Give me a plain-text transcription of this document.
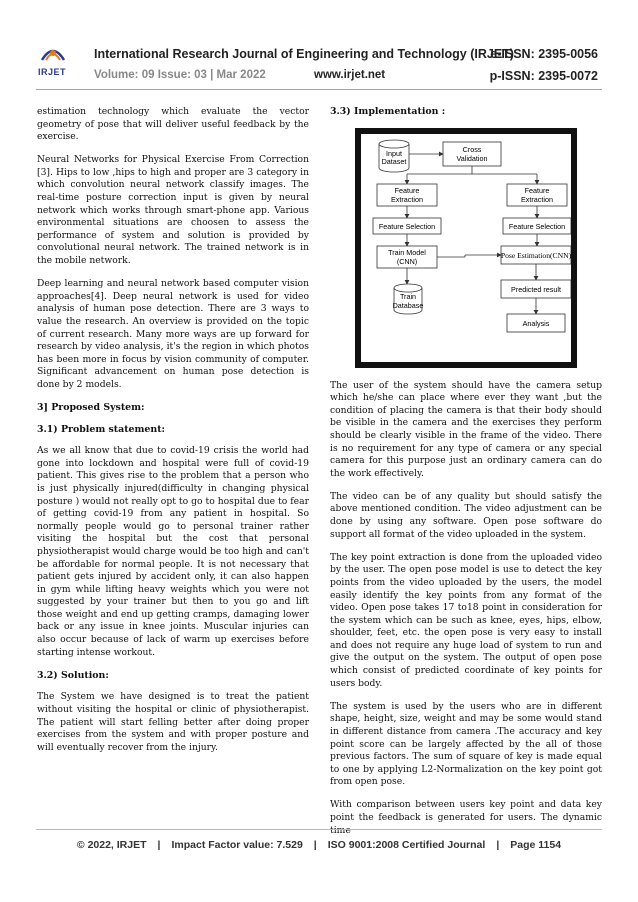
IRJET
International Research Journal of Engineering and Technology (IRJET)
e-ISSN: 2395-0056
Volume: 09 Issue: 03 | Mar 2022	www.irjet.net	p-ISSN: 2395-0072

estimation technology which evaluate the vector geometry of pose that will deliver useful feedback by the exercise.

Neural Networks for Physical Exercise From Correction [3]. Hips to low ,hips to high and proper are 3 category in which convolution neural network classify images. The real-time posture correction input is given by neural network which works through smart-phone app. Various environmental situations are choosen to assess the performance of system and solution is provided by convolutional neural network. The trained network is in the mobile network.

Deep learning and neural network based computer vision approaches[4]. Deep neural network is used for video analysis of human pose detection. There are 3 ways to value the research. An overview is provided on the topic of current research. Many more ways are up forward for research by video analysis, it's the region in which photos has been more in focus by vision community of computer. Significant advancement on human pose detection is done by 2 models.

3] Proposed System:
3.1) Problem statement:

As we all know that due to covid-19 crisis the world had gone into lockdown and hospital were full of covid-19 patient. This gives rise to the problem that a person who is just physically injured(difficulty in changing physical posture ) would not really opt to go to hospital due to fear of getting covid-19 from any patient in hospital. So normally people would go to personal trainer rather visiting the hospital but the cost that personal physiotherapist would charge would be too high and can't be affordable for normal people. It is not necessary that patient gets injured by accident only, it can also happen in gym while lifting heavy weights which you were not suggested by your trainer but then to you go and lift those weight and end up getting cramps, damaging lower back or any issue in knee joints. Muscular injuries can also occur because of lack of warm up exercises before starting intense workout.

3.2) Solution:

The System we have designed is to treat the patient without visiting the hospital or clinic of physiotherapist. The patient will start felling better after doing proper exercises from the system and with proper posture and will eventually recover from the injury.

3.3) Implementation :
Input
Dataset
Cross
Validation
Feature
Extraction
Feature
Extraction
Feature Selection	Feature Selection
Train Model
(CNN)
Pose Estimation(CNN)
Train
Database
Predicted result
Analysis

The user of the system should have the camera setup which he/she can place where ever they want ,but the condition of placing the camera is that their body should be visible in the camera and the exercises they perform should be clearly visible in the frame of the video. There is no requirement for any type of camera or any special camera for this purpose just an ordinary camera can do the work effectively.

The video can be of any quality but should satisfy the above mentioned condition. The video adjustment can be done by using any software. Open pose software do support all format of the video uploaded in the system.

The key point extraction is done from the uploaded video by the user. The open pose model is use to detect the key points from the video uploaded by the users, the model easily identify the key points from any format of the video. Open pose takes 17 to18 point in consideration for the system which can be such as knee, eyes, hips, elbow, shoulder, feet, etc. the open pose is very easy to install and does not require any huge load of system to run and give the output on the system. The output of open pose which consist of predicted coordinate of key points for users body.

The system is used by the users who are in different shape, height, size, weight and may be some would stand in different distance from camera .The accuracy and key point score can be largely affected by the all of those previous factors. The sum of square of key is made equal to one by applying L2-Normalization on the key point got from open pose.

With comparison between users key point and data key point the feedback is generated for users. The dynamic time

© 2022, IRJET | Impact Factor value: 7.529 | ISO 9001:2008 Certified Journal | Page 1154
